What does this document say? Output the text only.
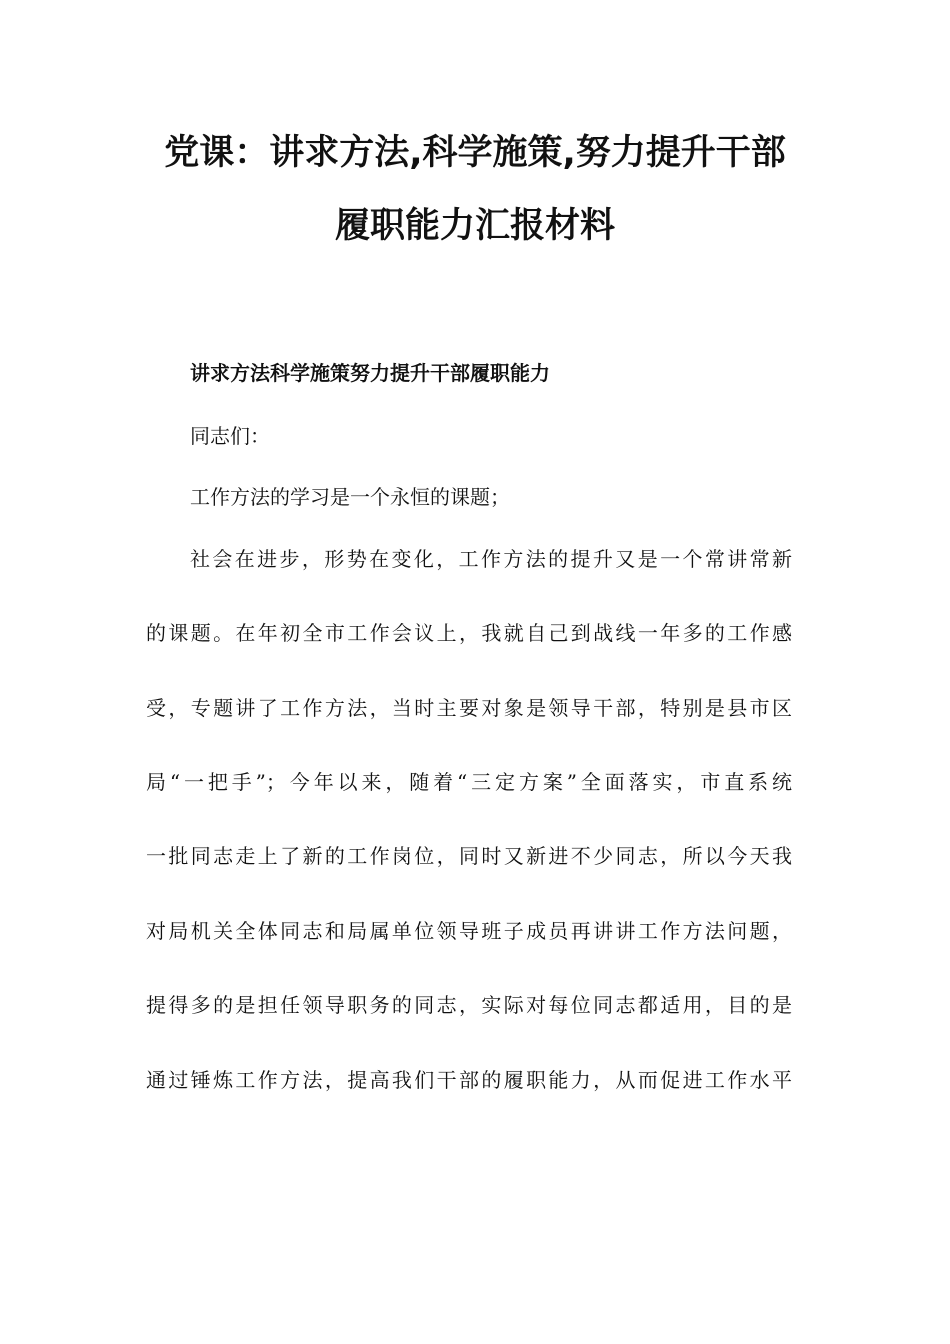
党课：讲求方法,科学施策,努力提升干部
履职能力汇报材料
讲求方法科学施策努力提升干部履职能力
同志们：
工作方法的学习是一个永恒的课题；
社会在进步，形势在变化，工作方法的提升又是一个常讲常新
的课题。在年初全市工作会议上，我就自己到战线一年多的工作感
受，专题讲了工作方法，当时主要对象是领导干部，特别是县市区
局“一把手”；今年以来，随着“三定方案”全面落实，市直系统
一批同志走上了新的工作岗位，同时又新进不少同志，所以今天我
对局机关全体同志和局属单位领导班子成员再讲讲工作方法问题，
提得多的是担任领导职务的同志，实际对每位同志都适用，目的是
通过锤炼工作方法，提高我们干部的履职能力，从而促进工作水平
